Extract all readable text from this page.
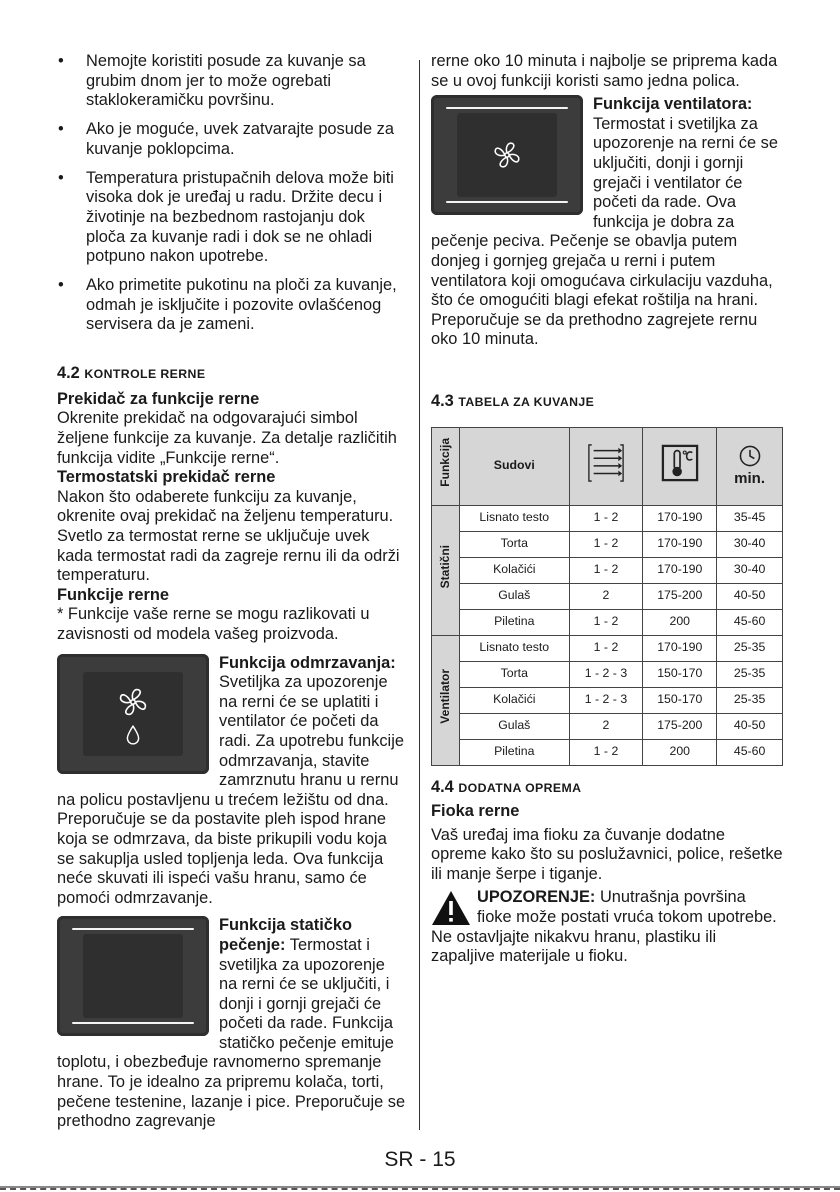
• Nemojte koristiti posude za kuvanje sa grubim dnom jer to može ogrebati staklokeramičku površinu.
• Ako je moguće, uvek zatvarajte posude za kuvanje poklopcima.
• Temperatura pristupačnih delova može biti visoka dok je uređaj u radu. Držite decu i životinje na bezbednom rastojanju dok ploča za kuvanje radi i dok se ne ohladi potpuno nakon upotrebe.
• Ako primetite pukotinu na ploči za kuvanje, odmah je isključite i pozovite ovlašćenog servisera da je zameni.
4.2 KONTROLE RERNE
Prekidač za funkcije rerne
Okrenite prekidač na odgovarajući simbol željene funkcije za kuvanje. Za detalje različitih funkcija vidite „Funkcije rerne“.
Termostatski prekidač rerne
Nakon što odaberete funkciju za kuvanje, okrenite ovaj prekidač na željenu temperaturu. Svetlo za termostat rerne se uključuje uvek kada termostat radi da zagreje rernu ili da održi temperaturu.
Funkcije rerne
* Funkcije vaše rerne se mogu razlikovati u zavisnosti od modela vašeg proizvoda.
Funkcija odmrzavanja: Svetiljka za upozorenje na rerni će se uplatiti i ventilator će početi da radi. Za upotrebu funkcije odmrzavanja, stavite zamrznutu hranu u rernu na policu postavljenu u trećem ležištu od dna. Preporučuje se da postavite pleh ispod hrane koja se odmrzava, da biste prikupili vodu koja se sakuplja usled topljenja leda. Ova funkcija neće skuvati ili ispeći vašu hranu, samo će pomoći odmrzavanje.
Funkcija statičko pečenje: Termostat i svetiljka za upozorenje na rerni će se uključiti, i donji i gornji grejači će početi da rade. Funkcija statičko pečenje emituje toplotu, i obezbeđuje ravnomerno spremanje hrane. To je idealno za pripremu kolača, torti, pečene testenine, lazanje i pice. Preporučuje se prethodno zagrevanje
rerne oko 10 minuta i najbolje se priprema kada se u ovoj funkciji koristi samo jedna polica.
Funkcija ventilatora: Termostat i svetiljka za upozorenje na rerni će se uključiti, donji i gornji grejači i ventilator će početi da rade. Ova funkcija je dobra za pečenje peciva. Pečenje se obavlja putem donjeg i gornjeg grejača u rerni i putem ventilatora koji omogućava cirkulaciju vazduha, što će omogućiti blagi efekat roštilja na hrani. Preporučuje se da prethodno zagrejete rernu oko 10 minuta.
4.3 TABELA ZA KUVANJE
Funkcija	Sudovi			min.
Statični	Lisnato testo	1 - 2	170-190	35-45
	Torta	1 - 2	170-190	30-40
	Kolačići	1 - 2	170-190	30-40
	Gulaš	2	175-200	40-50
	Piletina	1 - 2	200	45-60
Ventilator	Lisnato testo	1 - 2	170-190	25-35
	Torta	1 - 2 - 3	150-170	25-35
	Kolačići	1 - 2 - 3	150-170	25-35
	Gulaš	2	175-200	40-50
	Piletina	1 - 2	200	45-60
4.4 DODATNA OPREMA
Fioka rerne
Vaš uređaj ima fioku za čuvanje dodatne opreme kako što su poslužavnici, police, rešetke ili manje šerpe i tiganje.
UPOZORENJE: Unutrašnja površina fioke može postati vruća tokom upotrebe. Ne ostavljajte nikakvu hranu, plastiku ili zapaljive materijale u fioku.
SR - 15
